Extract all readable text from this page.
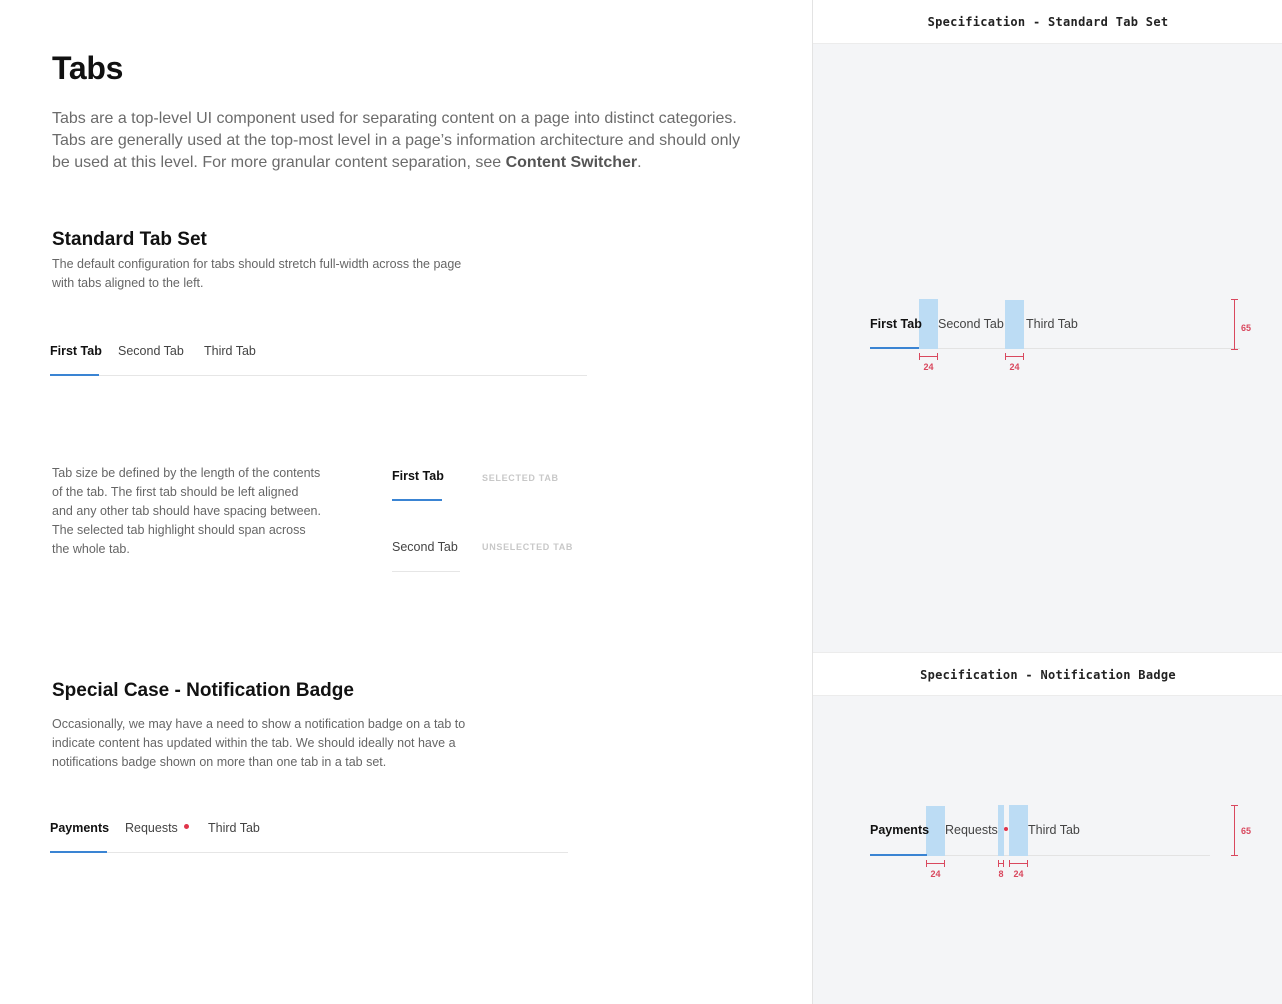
Tabs

Tabs are a top-level UI component used for separating content on a page into distinct categories. Tabs are generally used at the top-most level in a page’s information architecture and should only be used at this level. For more granular content separation, see Content Switcher.

Standard Tab Set

The default configuration for tabs should stretch full-width across the page with tabs aligned to the left.

First Tab Second Tab Third Tab

Tab size be defined by the length of the contents of the tab. The first tab should be left aligned and any other tab should have spacing between. The selected tab highlight should span across the whole tab.

First Tab	SELECTED TAB
Second Tab	UNSELECTED TAB
Special Case - Notification Badge

Occasionally, we may have a need to show a notification badge on a tab to indicate content has updated within the tab. We should ideally not have a notifications badge shown on more than one tab in a tab set.

Payments Requests Third Tab
Specification - Standard Tab Set
First Tab Second Tab Third Tab
24	24
65
Specification - Notification Badge
Payments Requests Third Tab
24	8	24
65
